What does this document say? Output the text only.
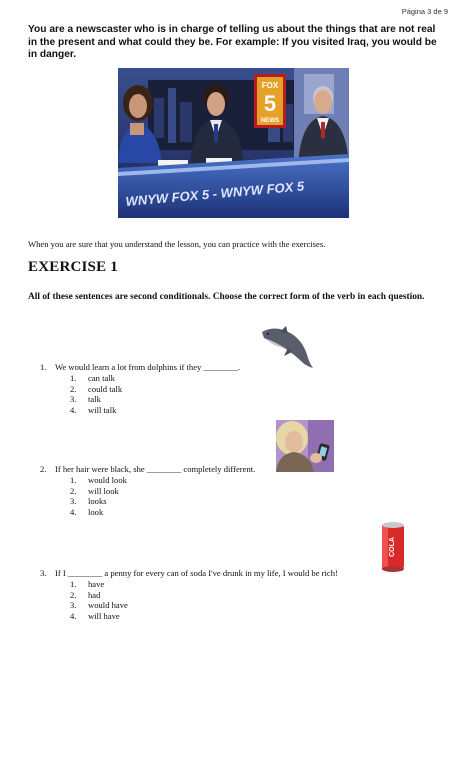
Página 3 de 9

You are a newscaster who is in charge of telling us about the things that are not real in the present and what could they be. For example: If you visited Iraq, you would be in danger.

FOX
5
NEWS
WNYW FOX 5 - WNYW FOX 5

When you are sure that you understand the lesson, you can practice with the exercises.

EXERCISE 1

All of these sentences are second conditionals. Choose the correct form of the verb in each question.

1. We would learn a lot from dolphins if they ________.
1. can talk
2. could talk
3. talk
4. will talk
2. If her hair were black, she ________ completely different.
1. would look
2. will look
3. looks
4. look
COLA
3. If I ________ a penny for every can of soda I've drunk in my life, I would be rich!
1. have
2. had
3. would have
4. will have
